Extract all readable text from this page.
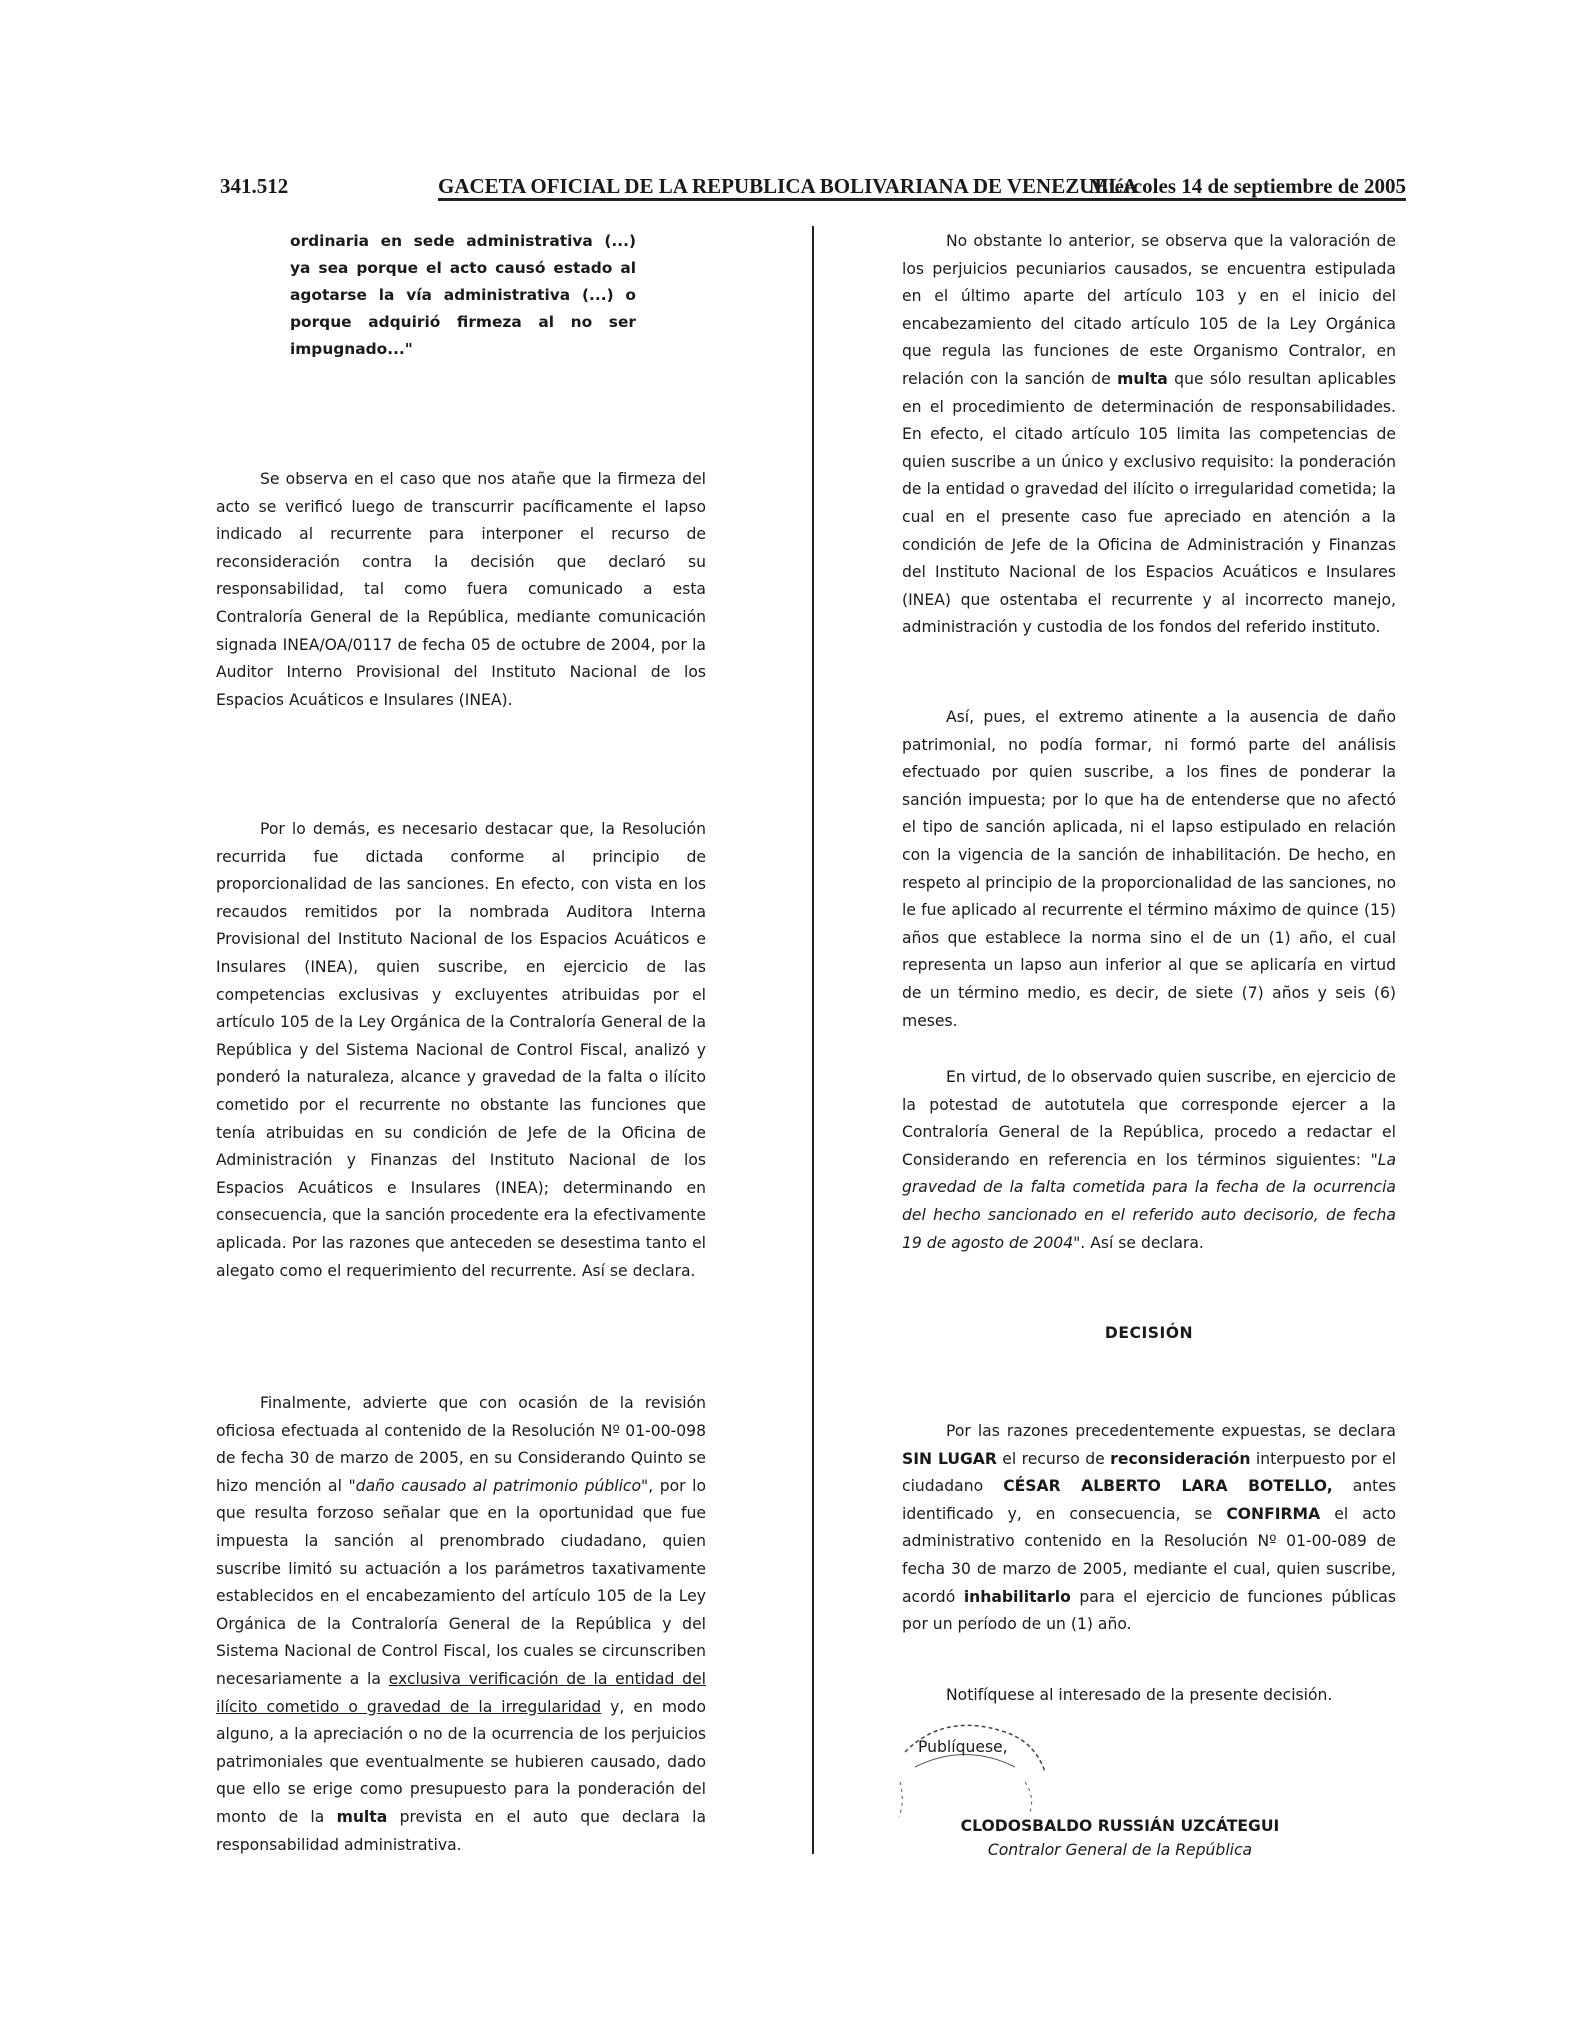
341.512	GACETA OFICIAL DE LA REPUBLICA BOLIVARIANA DE VENEZUELA
Miércoles 14 de septiembre de 2005
ordinaria en sede administrativa (...) ya sea porque el acto causó estado al agotarse la vía administrativa (...) o porque adquirió firmeza al no ser impugnado..."

Se observa en el caso que nos atañe que la firmeza del acto se verificó luego de transcurrir pacíficamente el lapso indicado al recurrente para interponer el recurso de reconsideración contra la decisión que declaró su responsabilidad, tal como fuera comunicado a esta Contraloría General de la República, mediante comunicación signada INEA/OA/0117 de fecha 05 de octubre de 2004, por la Auditor Interno Provisional del Instituto Nacional de los Espacios Acuáticos e Insulares (INEA).

Por lo demás, es necesario destacar que, la Resolución recurrida fue dictada conforme al principio de proporcionalidad de las sanciones. En efecto, con vista en los recaudos remitidos por la nombrada Auditora Interna Provisional del Instituto Nacional de los Espacios Acuáticos e Insulares (INEA), quien suscribe, en ejercicio de las competencias exclusivas y excluyentes atribuidas por el artículo 105 de la Ley Orgánica de la Contraloría General de la República y del Sistema Nacional de Control Fiscal, analizó y ponderó la naturaleza, alcance y gravedad de la falta o ilícito cometido por el recurrente no obstante las funciones que tenía atribuidas en su condición de Jefe de la Oficina de Administración y Finanzas del Instituto Nacional de los Espacios Acuáticos e Insulares (INEA); determinando en consecuencia, que la sanción procedente era la efectivamente aplicada. Por las razones que anteceden se desestima tanto el alegato como el requerimiento del recurrente. Así se declara.

Finalmente, advierte que con ocasión de la revisión oficiosa efectuada al contenido de la Resolución Nº 01-00-098 de fecha 30 de marzo de 2005, en su Considerando Quinto se hizo mención al "daño causado al patrimonio público", por lo que resulta forzoso señalar que en la oportunidad que fue impuesta la sanción al prenombrado ciudadano, quien suscribe limitó su actuación a los parámetros taxativamente establecidos en el encabezamiento del artículo 105 de la Ley Orgánica de la Contraloría General de la República y del Sistema Nacional de Control Fiscal, los cuales se circunscriben necesariamente a la exclusiva verificación de la entidad del ilícito cometido o gravedad de la irregularidad y, en modo alguno, a la apreciación o no de la ocurrencia de los perjuicios patrimoniales que eventualmente se hubieren causado, dado que ello se erige como presupuesto para la ponderación del monto de la multa prevista en el auto que declara la responsabilidad administrativa.

No obstante lo anterior, se observa que la valoración de los perjuicios pecuniarios causados, se encuentra estipulada en el último aparte del artículo 103 y en el inicio del encabezamiento del citado artículo 105 de la Ley Orgánica que regula las funciones de este Organismo Contralor, en relación con la sanción de multa que sólo resultan aplicables en el procedimiento de determinación de responsabilidades. En efecto, el citado artículo 105 limita las competencias de quien suscribe a un único y exclusivo requisito: la ponderación de la entidad o gravedad del ilícito o irregularidad cometida; la cual en el presente caso fue apreciado en atención a la condición de Jefe de la Oficina de Administración y Finanzas del Instituto Nacional de los Espacios Acuáticos e Insulares (INEA) que ostentaba el recurrente y al incorrecto manejo, administración y custodia de los fondos del referido instituto.

Así, pues, el extremo atinente a la ausencia de daño patrimonial, no podía formar, ni formó parte del análisis efectuado por quien suscribe, a los fines de ponderar la sanción impuesta; por lo que ha de entenderse que no afectó el tipo de sanción aplicada, ni el lapso estipulado en relación con la vigencia de la sanción de inhabilitación. De hecho, en respeto al principio de la proporcionalidad de las sanciones, no le fue aplicado al recurrente el término máximo de quince (15) años que establece la norma sino el de un (1) año, el cual representa un lapso aun inferior al que se aplicaría en virtud de un término medio, es decir, de siete (7) años y seis (6) meses.

En virtud, de lo observado quien suscribe, en ejercicio de la potestad de autotutela que corresponde ejercer a la Contraloría General de la República, procedo a redactar el Considerando en referencia en los términos siguientes: "La gravedad de la falta cometida para la fecha de la ocurrencia del hecho sancionado en el referido auto decisorio, de fecha 19 de agosto de 2004". Así se declara.

DECISIÓN

Por las razones precedentemente expuestas, se declara SIN LUGAR el recurso de reconsideración interpuesto por el ciudadano CÉSAR ALBERTO LARA BOTELLO, antes identificado y, en consecuencia, se CONFIRMA el acto administrativo contenido en la Resolución Nº 01-00-089 de fecha 30 de marzo de 2005, mediante el cual, quien suscribe, acordó inhabilitarlo para el ejercicio de funciones públicas por un período de un (1) año.

Notifíquese al interesado de la presente decisión.
Publíquese,
CLODOSBALDO RUSSIÁN UZCÁTEGUI
Contralor General de la República
